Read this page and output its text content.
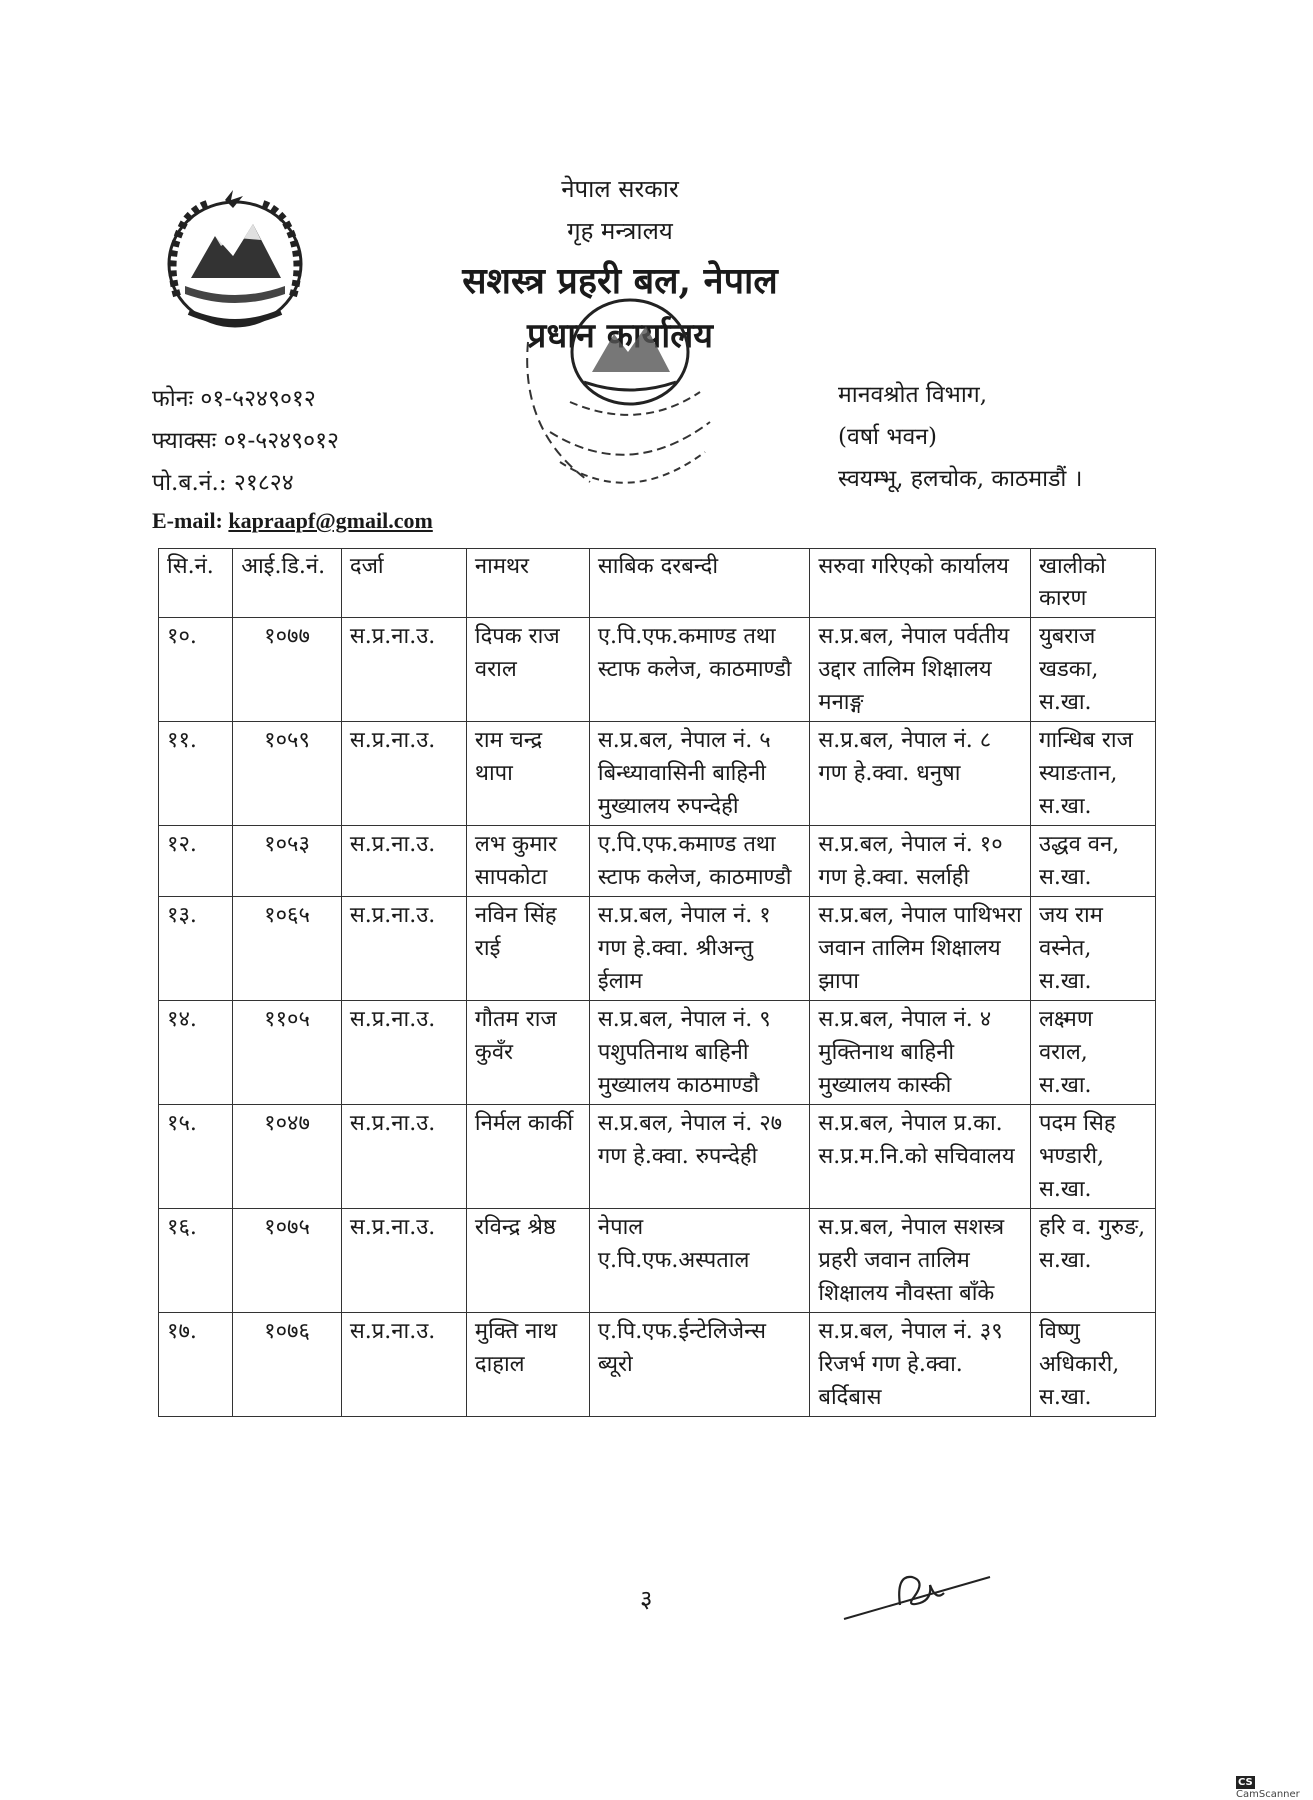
नेपाल सरकार
गृह मन्त्रालय
सशस्त्र प्रहरी बल, नेपाल
प्रधान कार्यालय
फोनः ०१-५२४९०१२
फ्याक्सः ०१-५२४९०१२
पो.ब.नं.: २१८२४
E-mail: kapraapf@gmail.com
मानवश्रोत विभाग,
(वर्षा भवन)
स्वयम्भू, हलचोक, काठमाडौं ।
सि.नं.	आई.डि.नं.	दर्जा	नामथर	साबिक दरबन्दी	सरुवा गरिएको कार्यालय	खालीको कारण
१०.	१०७७	स.प्र.ना.उ.	दिपक राज वराल	ए.पि.एफ.कमाण्ड तथा स्टाफ कलेज, काठमाण्डौ	स.प्र.बल, नेपाल पर्वतीय उद्दार तालिम शिक्षालय मनाङ्ग	युबराज खडका, स.खा.
११.	१०५९	स.प्र.ना.उ.	राम चन्द्र थापा	स.प्र.बल, नेपाल नं. ५ बिन्ध्यावासिनी बाहिनी मुख्यालय रुपन्देही	स.प्र.बल, नेपाल नं. ८ गण हे.क्वा. धनुषा	गान्धिब राज स्याङतान, स.खा.
१२.	१०५३	स.प्र.ना.उ.	लभ कुमार सापकोटा	ए.पि.एफ.कमाण्ड तथा स्टाफ कलेज, काठमाण्डौ	स.प्र.बल, नेपाल नं. १० गण हे.क्वा. सर्लाही	उद्धव वन, स.खा.
१३.	१०६५	स.प्र.ना.उ.	नविन सिंह राई	स.प्र.बल, नेपाल नं. १ गण हे.क्वा. श्रीअन्तु ईलाम	स.प्र.बल, नेपाल पाथिभरा जवान तालिम शिक्षालय झापा	जय राम वस्नेत, स.खा.
१४.	११०५	स.प्र.ना.उ.	गौतम राज कुवँर	स.प्र.बल, नेपाल नं. ९ पशुपतिनाथ बाहिनी मुख्यालय काठमाण्डौ	स.प्र.बल, नेपाल नं. ४ मुक्तिनाथ बाहिनी मुख्यालय कास्की	लक्ष्मण वराल, स.खा.
१५.	१०४७	स.प्र.ना.उ.	निर्मल कार्की	स.प्र.बल, नेपाल नं. २७ गण हे.क्वा. रुपन्देही	स.प्र.बल, नेपाल प्र.का. स.प्र.म.नि.को सचिवालय	पदम सिह भण्डारी, स.खा.
१६.	१०७५	स.प्र.ना.उ.	रविन्द्र श्रेष्ठ	नेपाल ए.पि.एफ.अस्पताल	स.प्र.बल, नेपाल सशस्त्र प्रहरी जवान तालिम शिक्षालय नौवस्ता बाँके	हरि व. गुरुङ, स.खा.
१७.	१०७६	स.प्र.ना.उ.	मुक्ति नाथ दाहाल	ए.पि.एफ.ईन्टेलिजेन्स ब्यूरो	स.प्र.बल, नेपाल नं. ३९ रिजर्भ गण हे.क्वा. बर्दिबास	विष्णु अधिकारी, स.खा.
३
CSCamScanner
